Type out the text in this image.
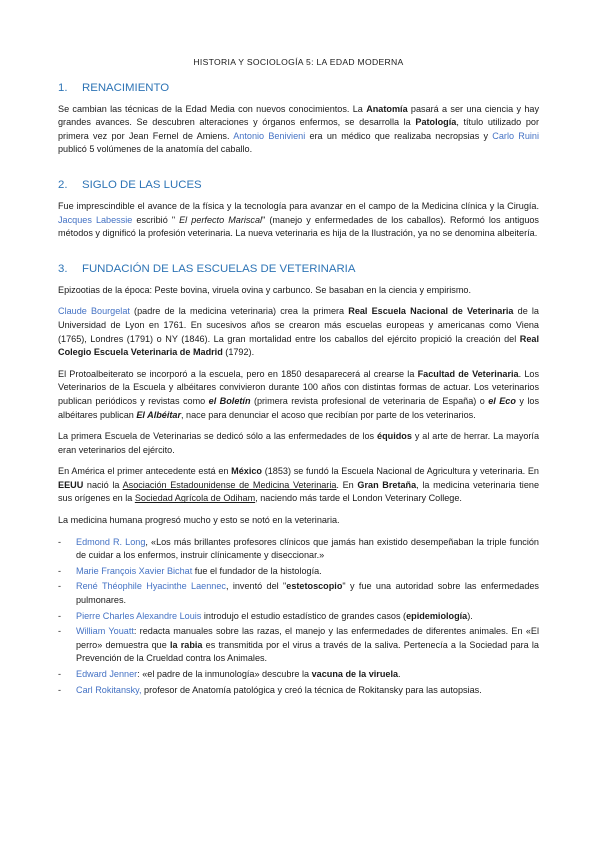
HISTORIA Y SOCIOLOGÍA 5: LA EDAD MODERNA
1. RENACIMIENTO

Se cambian las técnicas de la Edad Media con nuevos conocimientos. La Anatomía pasará a ser una ciencia y hay grandes avances. Se descubren alteraciones y órganos enfermos, se desarrolla la Patología, título utilizado por primera vez por Jean Fernel de Amiens. Antonio Benivieni era un médico que realizaba necropsias y Carlo Ruini publicó 5 volúmenes de la anatomía del caballo.

2. SIGLO DE LAS LUCES

Fue imprescindible el avance de la física y la tecnología para avanzar en el campo de la Medicina clínica y la Cirugía. Jacques Labessie escribió " El perfecto Mariscal" (manejo y enfermedades de los caballos). Reformó los antiguos métodos y dignificó la profesión veterinaria. La nueva veterinaria es hija de la Ilustración, ya no se denomina albeitería.

3. FUNDACIÓN DE LAS ESCUELAS DE VETERINARIA

Epizootias de la época: Peste bovina, viruela ovina y carbunco. Se basaban en la ciencia y empirismo.

Claude Bourgelat (padre de la medicina veterinaria) crea la primera Real Escuela Nacional de Veterinaria de la Universidad de Lyon en 1761. En sucesivos años se crearon más escuelas europeas y americanas como Viena (1765), Londres (1791) o NY (1846). La gran mortalidad entre los caballos del ejército propició la creación del Real Colegio Escuela Veterinaria de Madrid (1792).

El Protoalbeiterato se incorporó a la escuela, pero en 1850 desaparecerá al crearse la Facultad de Veterinaria. Los Veterinarios de la Escuela y albéitares convivieron durante 100 años con distintas formas de actuar. Los veterinarios publican periódicos y revistas como el Boletín (primera revista profesional de veterinaria de España) o el Eco y los albéitares publican El Albéitar, nace para denunciar el acoso que recibían por parte de los veterinarios.

La primera Escuela de Veterinarias se dedicó sólo a las enfermedades de los équidos y al arte de herrar. La mayoría eran veterinarios del ejército.

En América el primer antecedente está en México (1853) se fundó la Escuela Nacional de Agricultura y veterinaria. En EEUU nació la Asociación Estadounidense de Medicina Veterinaria. En Gran Bretaña, la medicina veterinaria tiene sus orígenes en la Sociedad Agrícola de Odiham, naciendo más tarde el London Veterinary College.

La medicina humana progresó mucho y esto se notó en la veterinaria.

- Edmond R. Long, «Los más brillantes profesores clínicos que jamás han existido desempeñaban la triple función de cuidar a los enfermos, instruir clínicamente y diseccionar.»
- Marie François Xavier Bichat fue el fundador de la histología.
- René Théophile Hyacinthe Laennec, inventó del "estetoscopio" y fue una autoridad sobre las enfermedades pulmonares.
- Pierre Charles Alexandre Louis introdujo el estudio estadístico de grandes casos (epidemiología).
- William Youatt: redacta manuales sobre las razas, el manejo y las enfermedades de diferentes animales. En «El perro» demuestra que la rabia es transmitida por el virus a través de la saliva. Pertenecía a la Sociedad para la Prevención de la Crueldad contra los Animales.
- Edward Jenner: «el padre de la inmunología» descubre la vacuna de la viruela.
- Carl Rokitansky, profesor de Anatomía patológica y creó la técnica de Rokitansky para las autopsias.
